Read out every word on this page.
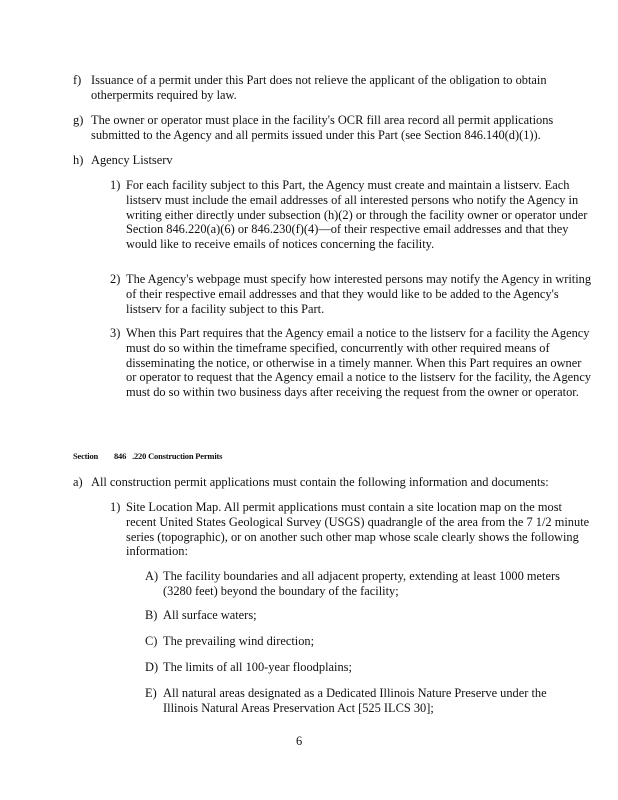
f) Issuance of a permit under this Part does not relieve the applicant of the obligation to obtain otherpermits required by law.
g) The owner or operator must place in the facility's OCR fill area record all permit applications submitted to the Agency and all permits issued under this Part (see Section 846.140(d)(1)).
h) Agency Listserv
1) For each facility subject to this Part, the Agency must create and maintain a listserv. Each listserv must include the email addresses of all interested persons who notify the Agency in writing either directly under subsection (h)(2) or through the facility owner or operator under Section 846.220(a)(6) or 846.230(f)(4)—of their respective email addresses and that they would like to receive emails of notices concerning the facility.
2) The Agency's webpage must specify how interested persons may notify the Agency in writing of their respective email addresses and that they would like to be added to the Agency's listserv for a facility subject to this Part.
3) When this Part requires that the Agency email a notice to the listserv for a facility the Agency must do so within the timeframe specified, concurrently with other required means of disseminating the notice, or otherwise in a timely manner. When this Part requires an owner or operator to request that the Agency email a notice to the listserv for the facility, the Agency must do so within two business days after receiving the request from the owner or operator.
Section 846 .220 Construction Permits
a) All construction permit applications must contain the following information and documents:
1) Site Location Map. All permit applications must contain a site location map on the most recent United States Geological Survey (USGS) quadrangle of the area from the 7 1/2 minute series (topographic), or on another such other map whose scale clearly shows the following information:
A) The facility boundaries and all adjacent property, extending at least 1000 meters (3280 feet) beyond the boundary of the facility;
B) All surface waters;
C) The prevailing wind direction;
D) The limits of all 100-year floodplains;
E) All natural areas designated as a Dedicated Illinois Nature Preserve under the Illinois Natural Areas Preservation Act [525 ILCS 30];
6
